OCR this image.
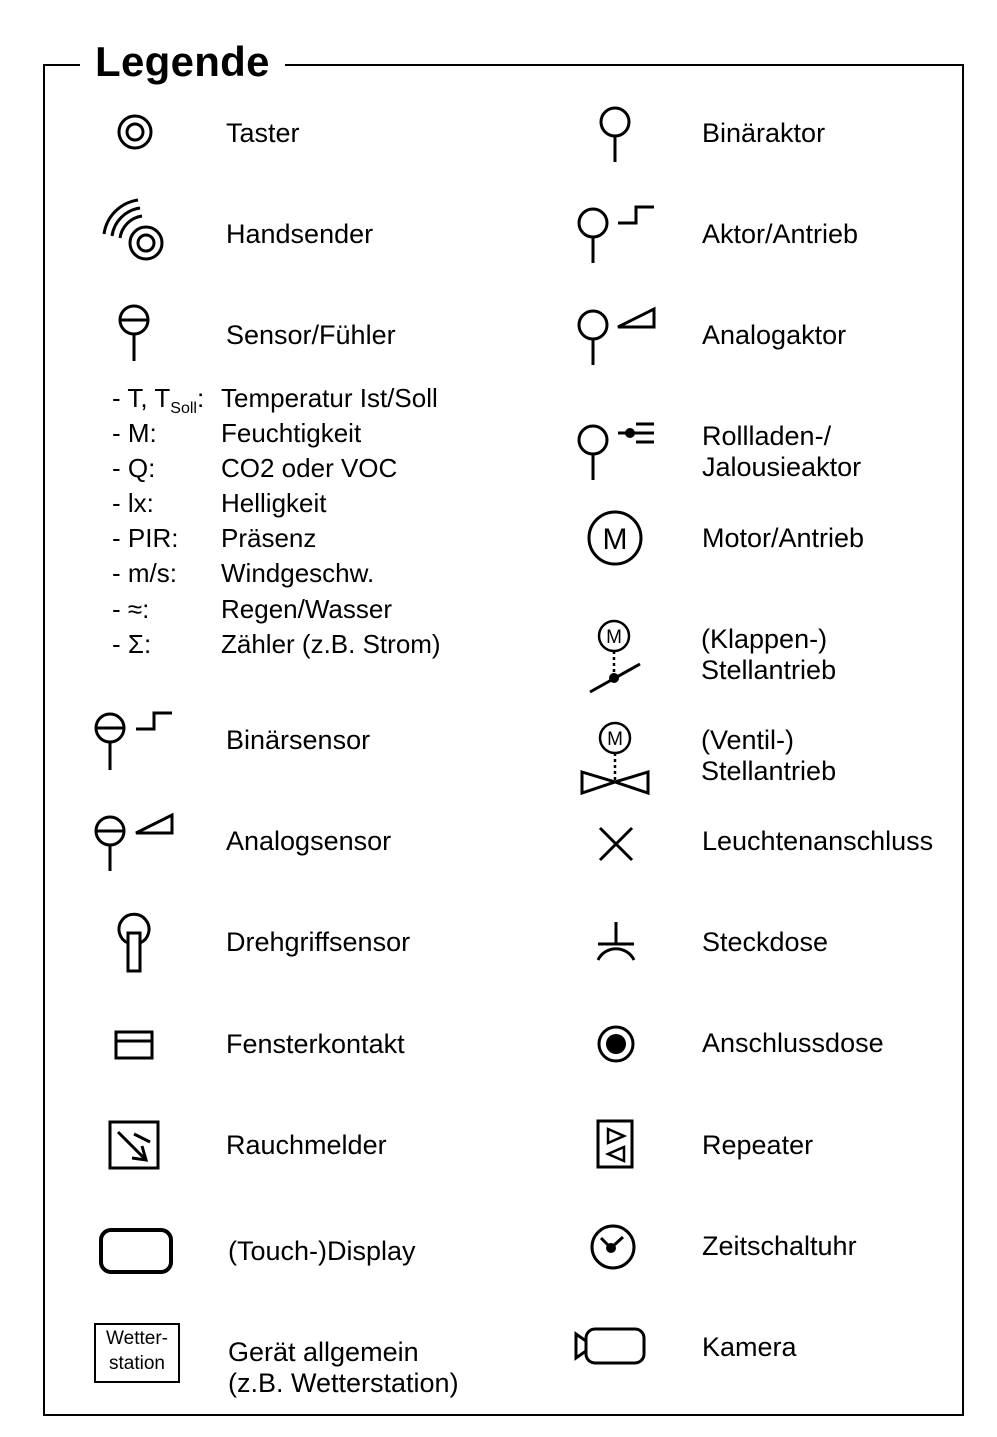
Legende
Taster
Handsender
Sensor/Fühler
- T, $T_{Soll}$: Temperatur Ist/Soll
- M: Feuchtigkeit
- Q:	CO2 oder VOC
- lx:	Helligkeit
- PIR: Präsenz
- m/s: Windgeschw.
- ≈:	Regen/Wasser
- Σ:	Zähler (z.B. Strom)
Binärsensor
Analogsensor
Drehgriffsensor
Fensterkontakt
Rauchmelder
(Touch-)Display
Wetter-
station	Gerät allgemein
(z.B. Wetterstation)
Binäraktor
Aktor/Antrieb
Analogaktor
Rollladen-/
Jalousieaktor
M	Motor/Antrieb
M	(Klappen-)
Stellantrieb
M	(Ventil-)
Stellantrieb
Leuchtenanschluss
Steckdose
Anschlussdose
Repeater
Zeitschaltuhr
Kamera
